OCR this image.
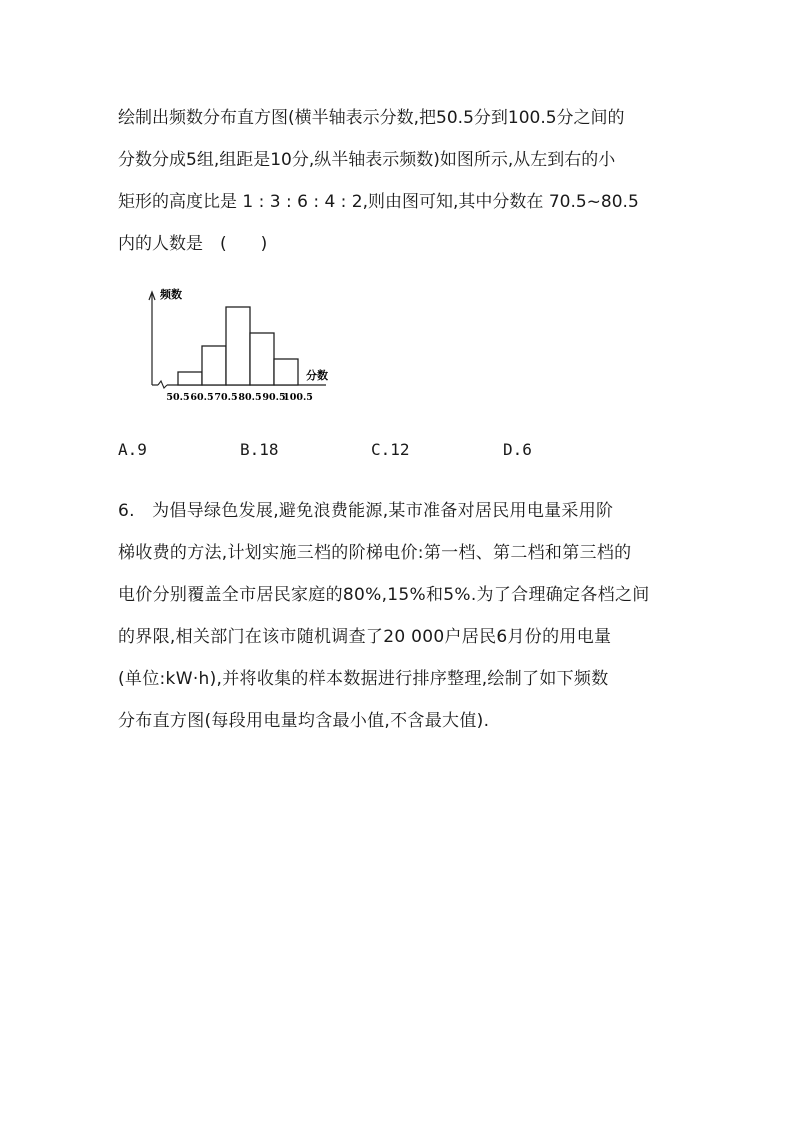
绘制出频数分布直方图(横半轴表示分数,把50.5分到100.5分之间的
分数分成5组,组距是10分,纵半轴表示频数)如图所示,从左到右的小
矩形的高度比是 1 : 3 : 6 : 4 : 2,则由图可知,其中分数在 70.5~80.5
内的人数是　(　　)
50.5 60.5 70.5 80.5 90.5
100.5
频数
分数
A.9	B.18	C.12	D.6
6.　为倡导绿色发展,避免浪费能源,某市准备对居民用电量采用阶
梯收费的方法,计划实施三档的阶梯电价:第一档、第二档和第三档的
电价分别覆盖全市居民家庭的80%,15%和5%.为了合理确定各档之间
的界限,相关部门在该市随机调查了20 000户居民6月份的用电量
(单位:kW·h),并将收集的样本数据进行排序整理,绘制了如下频数
分布直方图(每段用电量均含最小值,不含最大值).
